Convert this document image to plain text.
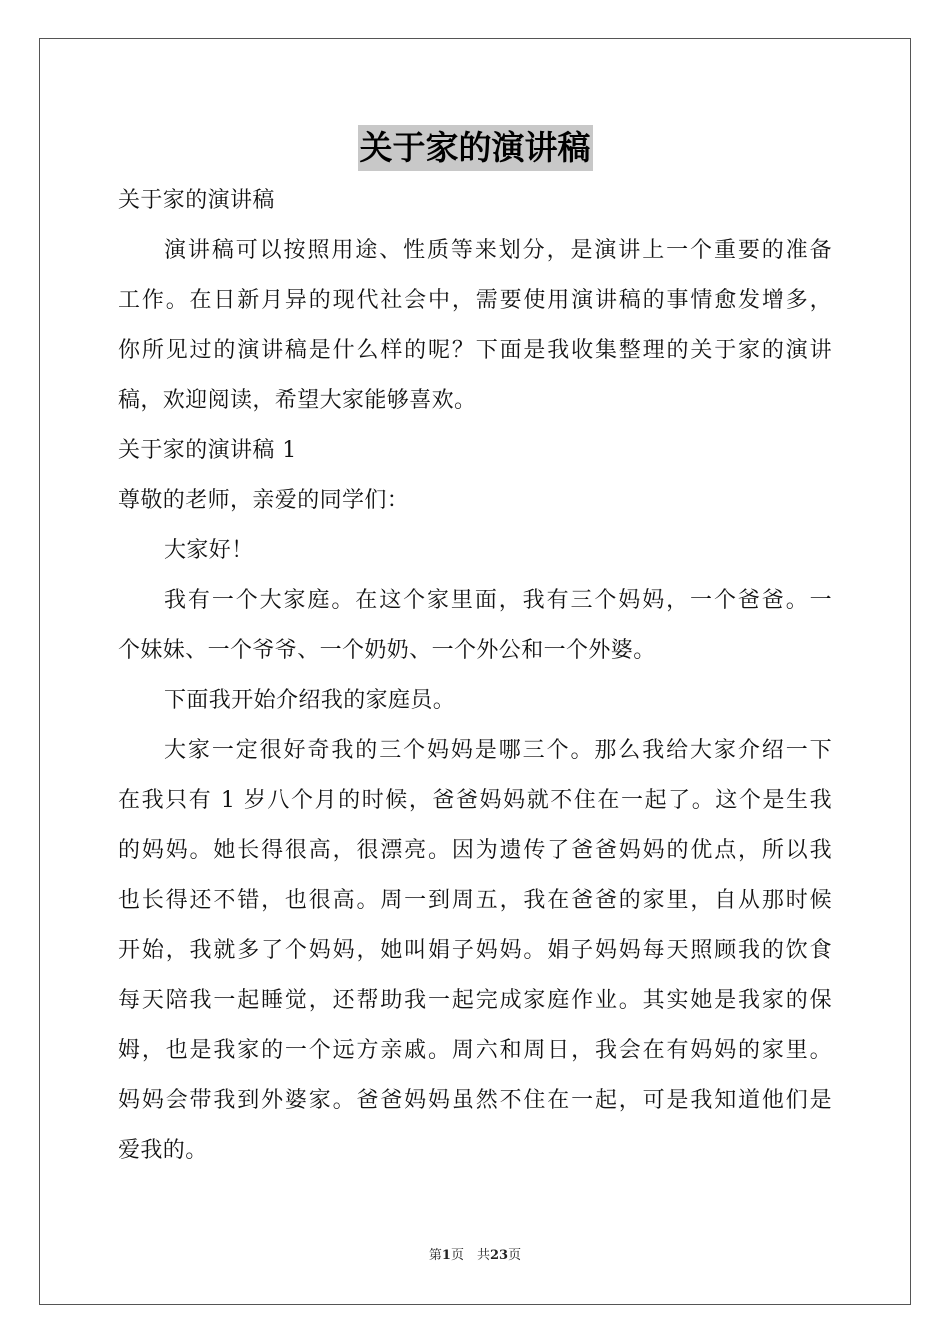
关于家的演讲稿
关于家的演讲稿
演讲稿可以按照用途、性质等来划分，是演讲上一个重要的准备
工作。在日新月异的现代社会中，需要使用演讲稿的事情愈发增多，
你所见过的演讲稿是什么样的呢？下面是我收集整理的关于家的演讲
稿，欢迎阅读，希望大家能够喜欢。
关于家的演讲稿 1
尊敬的老师，亲爱的同学们：
大家好！
我有一个大家庭。在这个家里面，我有三个妈妈，一个爸爸。一
个妹妹、一个爷爷、一个奶奶、一个外公和一个外婆。
下面我开始介绍我的家庭员。
大家一定很好奇我的三个妈妈是哪三个。那么我给大家介绍一下
在我只有 1 岁八个月的时候，爸爸妈妈就不住在一起了。这个是生我
的妈妈。她长得很高，很漂亮。因为遗传了爸爸妈妈的优点，所以我
也长得还不错，也很高。周一到周五，我在爸爸的家里，自从那时候
开始，我就多了个妈妈，她叫娟子妈妈。娟子妈妈每天照顾我的饮食
每天陪我一起睡觉，还帮助我一起完成家庭作业。其实她是我家的保
姆，也是我家的一个远方亲戚。周六和周日，我会在有妈妈的家里。
妈妈会带我到外婆家。爸爸妈妈虽然不住在一起，可是我知道他们是
爱我的。
第1页　共23页
